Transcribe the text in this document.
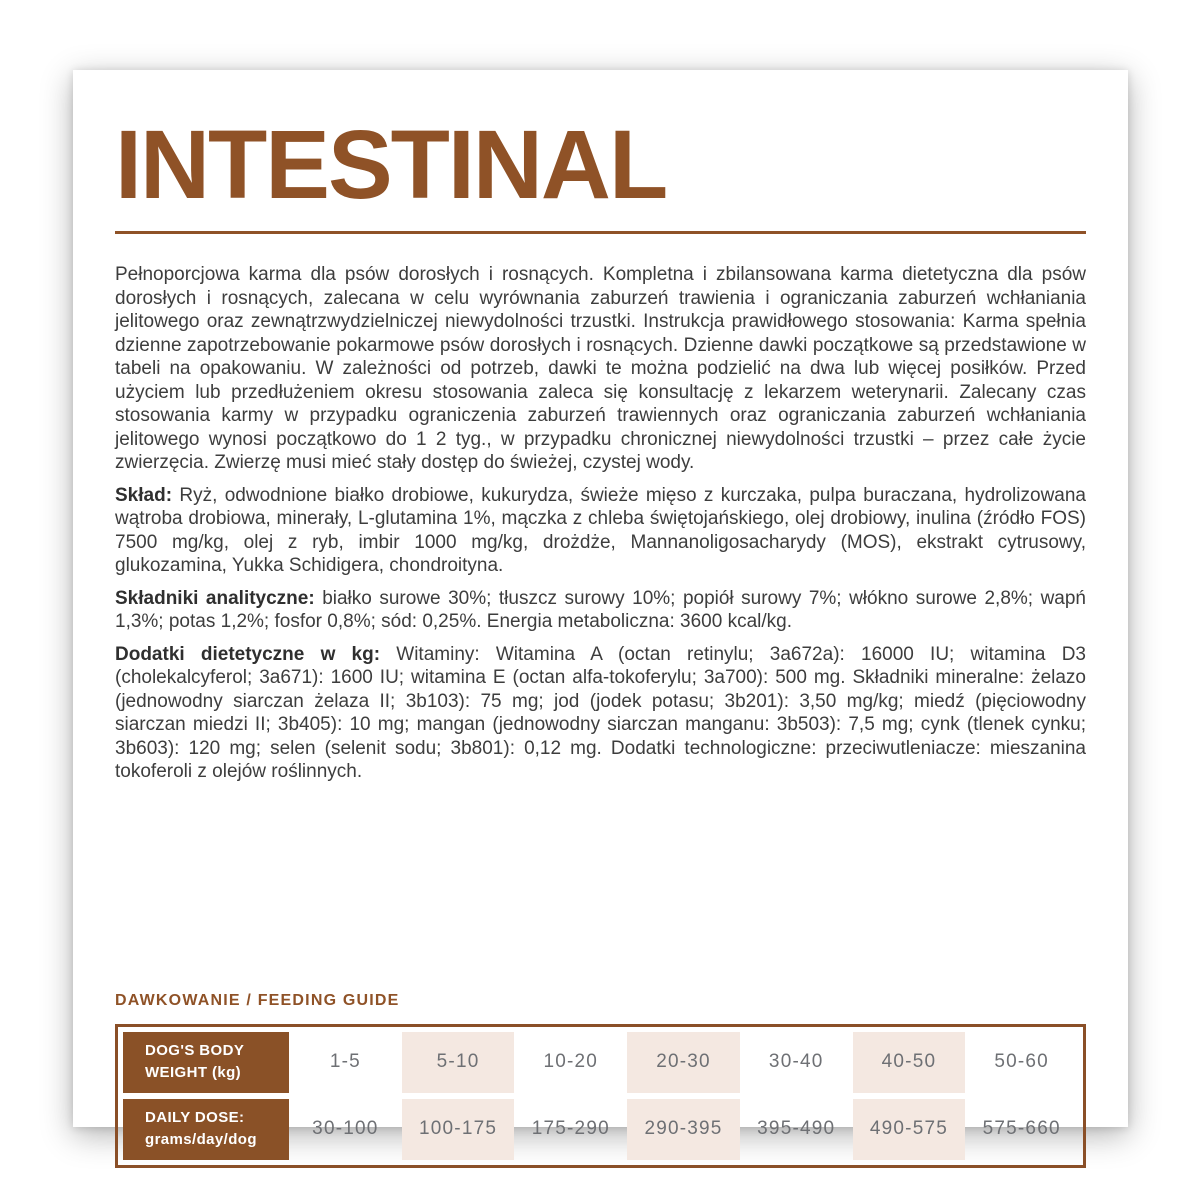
INTESTINAL

Pełnoporcjowa karma dla psów dorosłych i rosnących. Kompletna i zbilansowana karma dietetyczna dla psów dorosłych i rosnących, zalecana w celu wyrównania zaburzeń trawienia i ograniczania zaburzeń wchłaniania jelitowego oraz zewnątrzwydzielniczej niewydolności trzustki. Instrukcja prawidłowego stosowania: Karma spełnia dzienne zapotrzebowanie pokarmowe psów dorosłych i rosnących. Dzienne dawki początkowe są przedstawione w tabeli na opakowaniu. W zależności od potrzeb, dawki te można podzielić na dwa lub więcej posiłków. Przed użyciem lub przedłużeniem okresu stosowania zaleca się konsultację z lekarzem weterynarii. Zalecany czas stosowania karmy w przypadku ograniczenia zaburzeń trawiennych oraz ograniczania zaburzeń wchłaniania jelitowego wynosi początkowo do 1 2 tyg., w przypadku chronicznej niewydolności trzustki – przez całe życie zwierzęcia. Zwierzę musi mieć stały dostęp do świeżej, czystej wody.

Skład: Ryż, odwodnione białko drobiowe, kukurydza, świeże mięso z kurczaka, pulpa buraczana, hydrolizowana wątroba drobiowa, minerały, L-glutamina 1%, mączka z chleba świętojańskiego, olej drobiowy, inulina (źródło FOS) 7500 mg/kg, olej z ryb, imbir 1000 mg/kg, drożdże, Mannanoligosacharydy (MOS), ekstrakt cytrusowy, glukozamina, Yukka Schidigera, chondroityna.

Składniki analityczne: białko surowe 30%; tłuszcz surowy 10%; popiół surowy 7%; włókno surowe 2,8%; wapń 1,3%; potas 1,2%; fosfor 0,8%; sód: 0,25%. Energia metaboliczna: 3600 kcal/kg.

Dodatki dietetyczne w kg: Witaminy: Witamina A (octan retinylu; 3a672a): 16000 IU; witamina D3 (cholekalcyferol; 3a671): 1600 IU; witamina E (octan alfa-tokoferylu; 3a700): 500 mg. Składniki mineralne: żelazo (jednowodny siarczan żelaza II; 3b103): 75 mg; jod (jodek potasu; 3b201): 3,50 mg/kg; miedź (pięciowodny siarczan miedzi II; 3b405): 10 mg; mangan (jednowodny siarczan manganu: 3b503): 7,5 mg; cynk (tlenek cynku; 3b603): 120 mg; selen (selenit sodu; 3b801): 0,12 mg. Dodatki technologiczne: przeciwutleniacze: mieszanina tokoferoli z olejów roślinnych.

DAWKOWANIE / FEEDING GUIDE
DOG'S BODY
WEIGHT (kg)
1-5	5-10	10-20	20-30	30-40	40-50	50-60
DAILY DOSE:
grams/day/dog
30-100	100-175	175-290	290-395	395-490	490-575	575-660
